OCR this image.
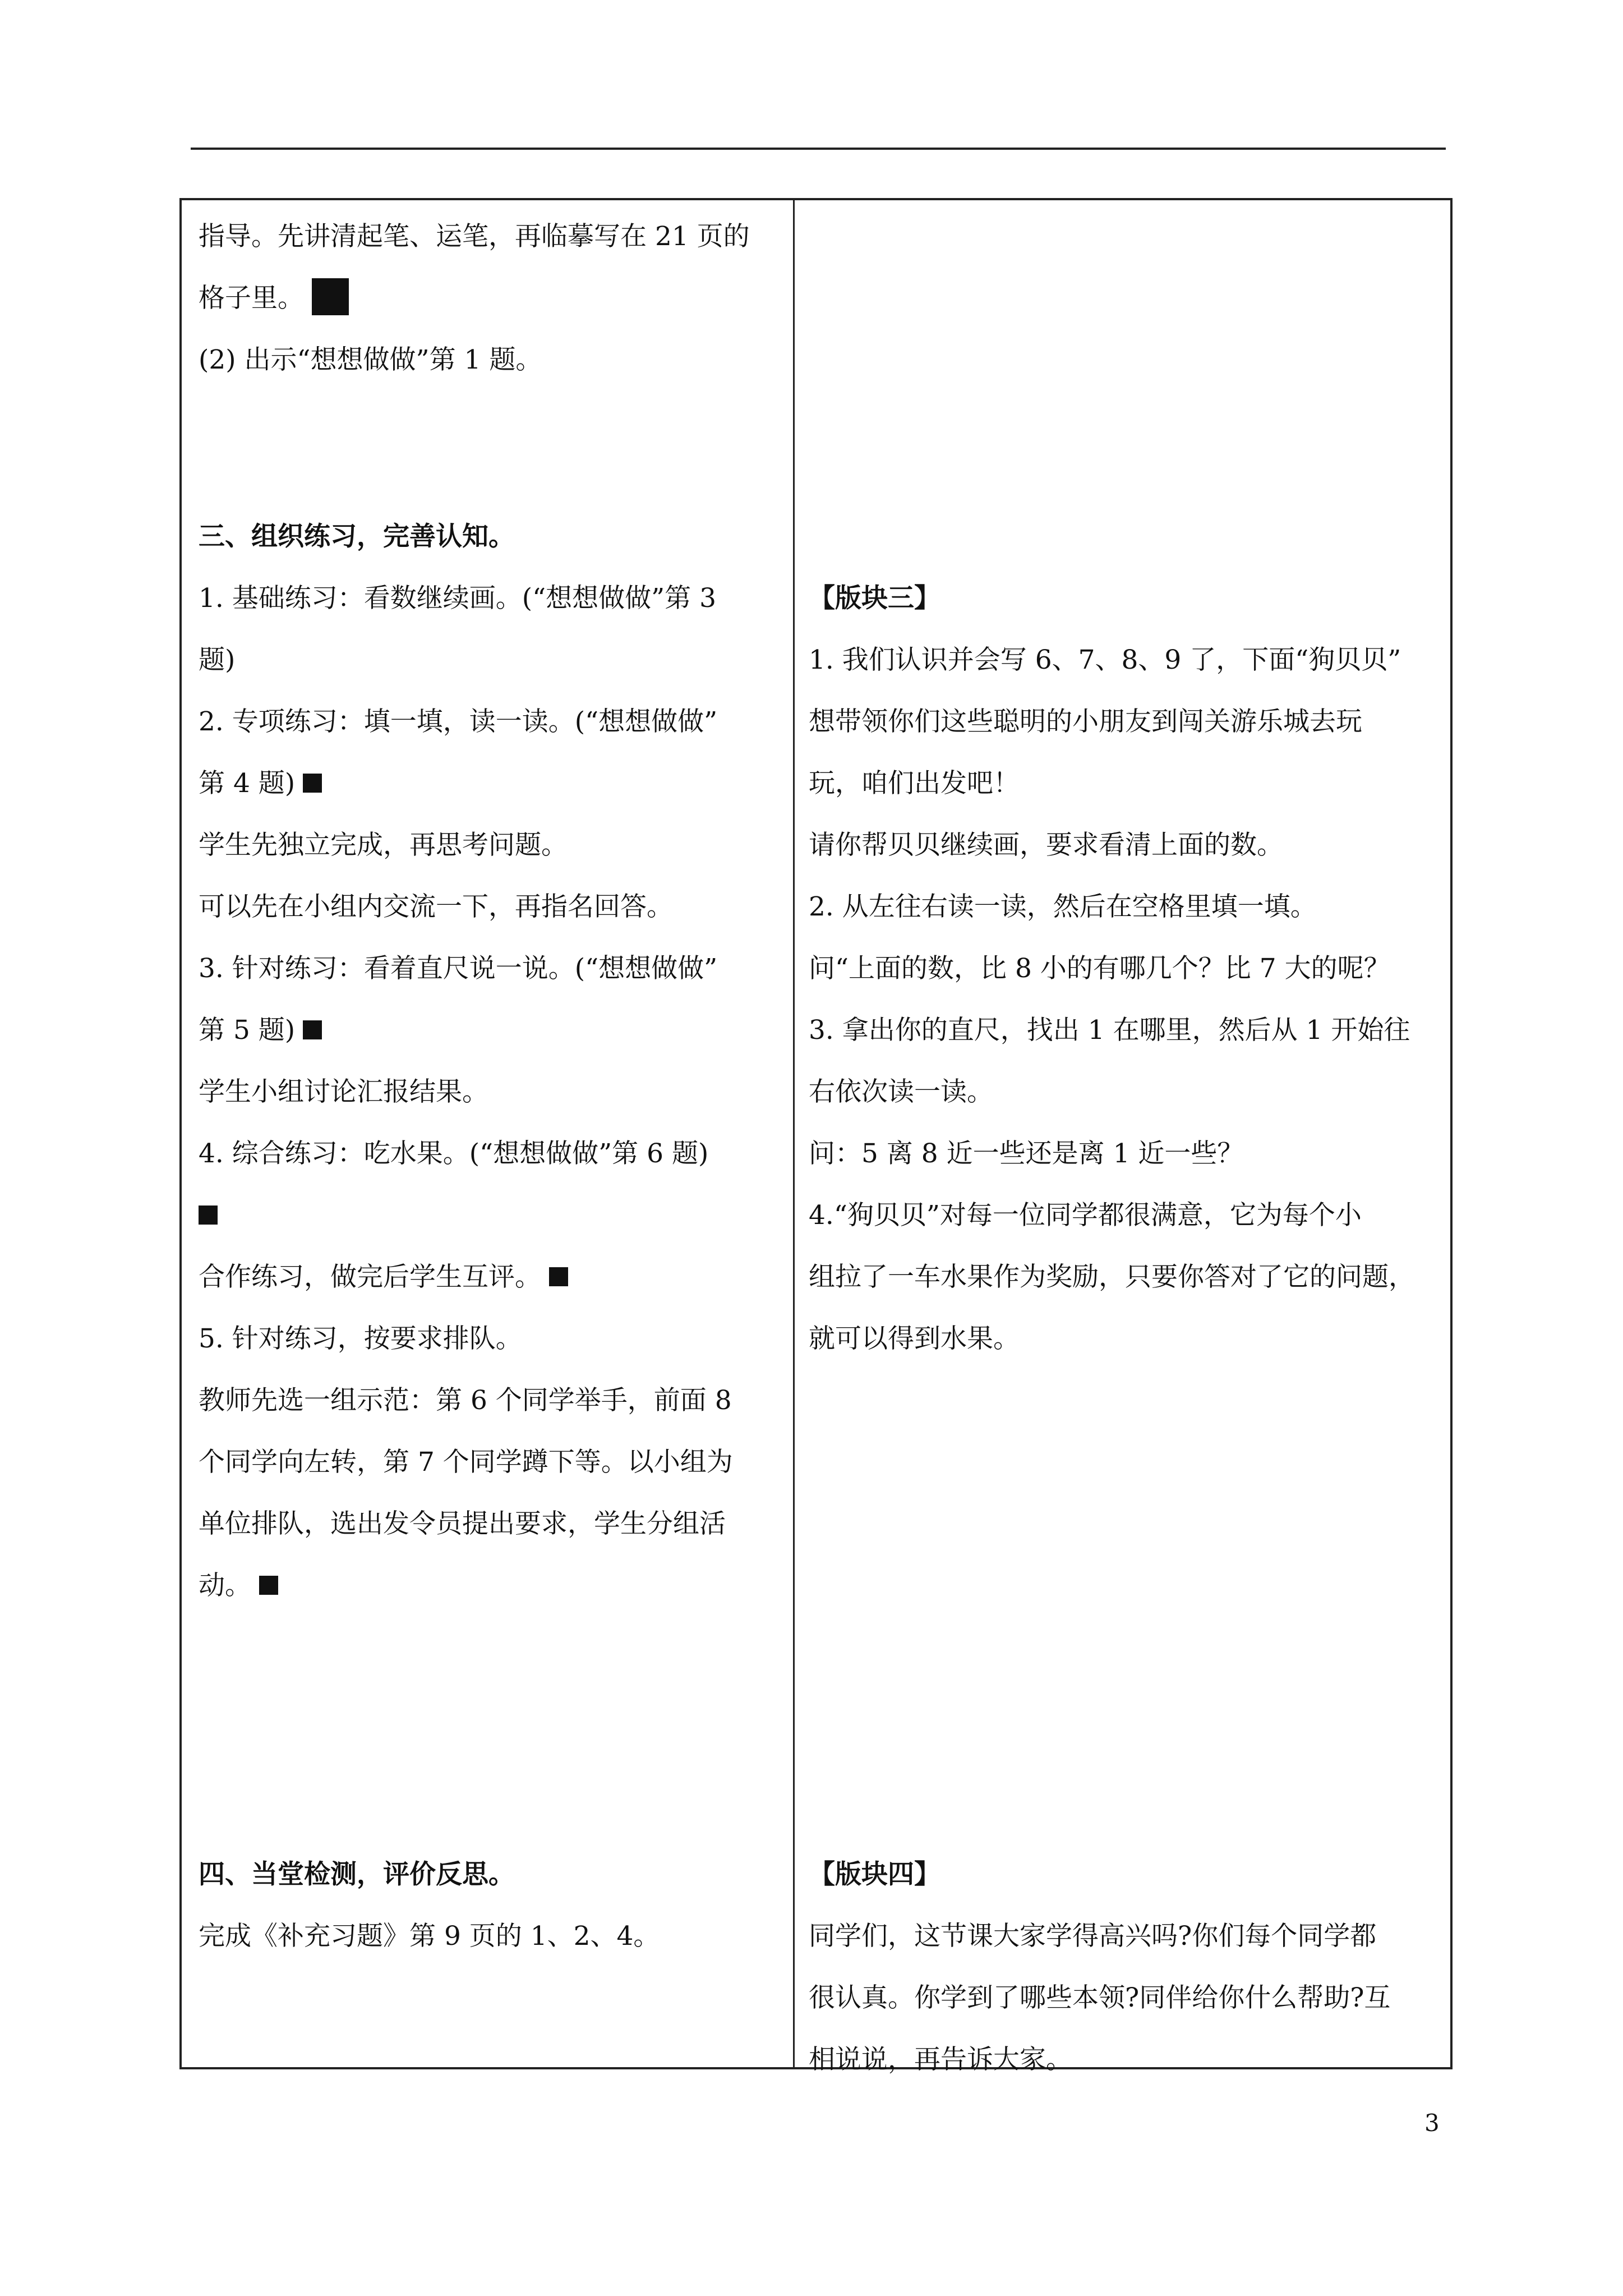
指导。先讲清起笔、运笔，再临摹写在 21 页的
格子里。
(2) 出示“想想做做”第 1 题。
三、组织练习，完善认知。
1. 基础练习：看数继续画。(“想想做做”第 3
题)
2. 专项练习：填一填，读一读。(“想想做做”
第 4 题)
学生先独立完成，再思考问题。
可以先在小组内交流一下，再指名回答。
3. 针对练习：看着直尺说一说。(“想想做做”
第 5 题)
学生小组讨论汇报结果。
4. 综合练习：吃水果。(“想想做做”第 6 题)
合作练习，做完后学生互评。
5. 针对练习，按要求排队。
教师先选一组示范：第 6 个同学举手，前面 8
个同学向左转，第 7 个同学蹲下等。以小组为
单位排队，选出发令员提出要求，学生分组活
动。
四、当堂检测，评价反思。
完成《补充习题》第 9 页的 1、2、4。
【版块三】
1. 我们认识并会写 6、7、8、9 了，下面“狗贝贝”
想带领你们这些聪明的小朋友到闯关游乐城去玩
玩，咱们出发吧！
请你帮贝贝继续画，要求看清上面的数。
2. 从左往右读一读，然后在空格里填一填。
问“上面的数，比 8 小的有哪几个？比 7 大的呢？
3. 拿出你的直尺，找出 1 在哪里，然后从 1 开始往
右依次读一读。
问：5 离 8 近一些还是离 1 近一些？
4.“狗贝贝”对每一位同学都很满意，它为每个小
组拉了一车水果作为奖励，只要你答对了它的问题，
就可以得到水果。
【版块四】
同学们，这节课大家学得高兴吗?你们每个同学都
很认真。你学到了哪些本领?同伴给你什么帮助?互
相说说，再告诉大家。
3
